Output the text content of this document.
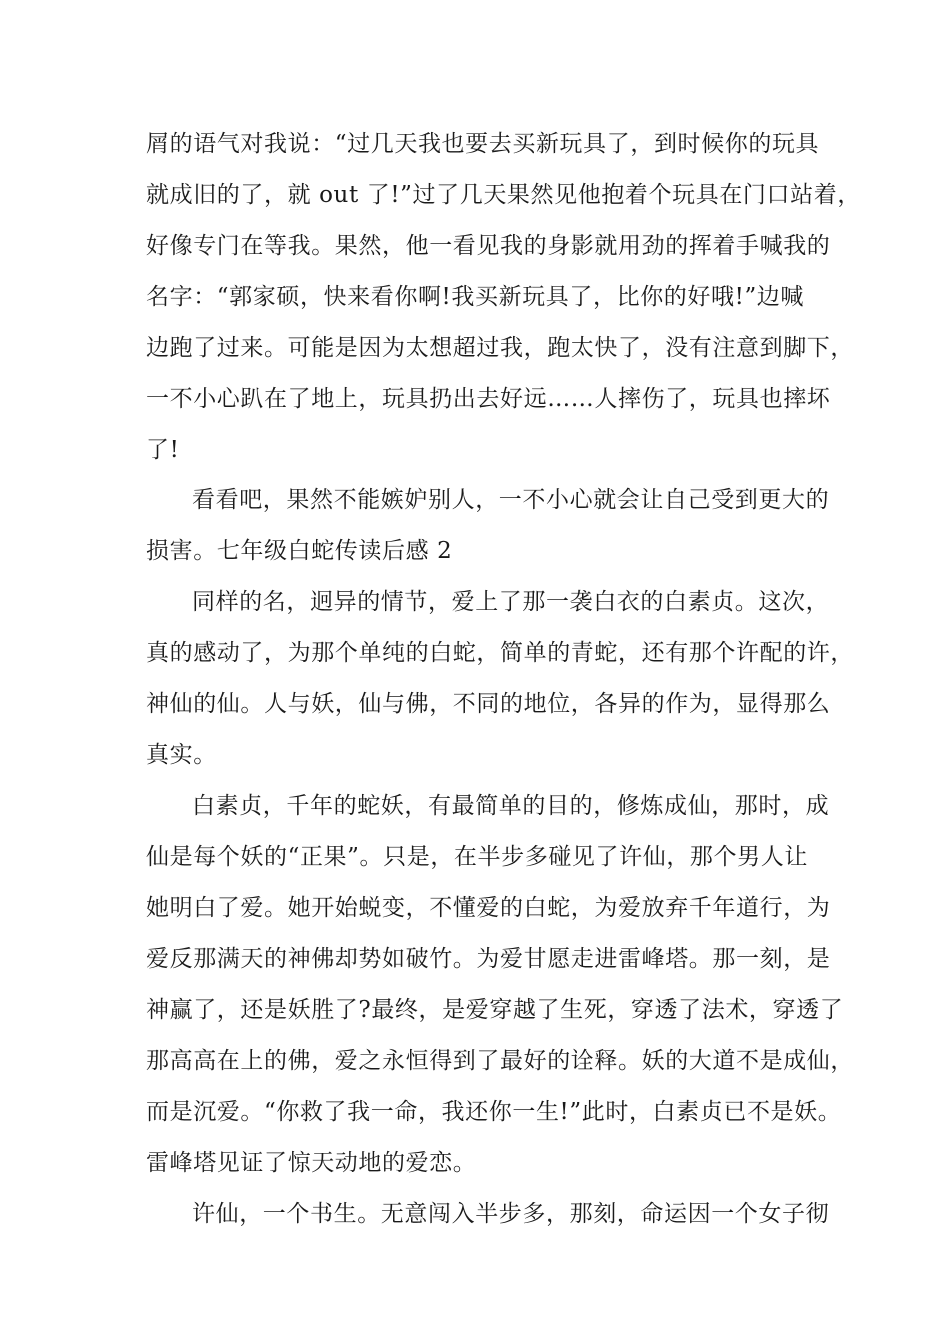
屑的语气对我说：“过几天我也要去买新玩具了，到时候你的玩具
就成旧的了，就 out 了!”过了几天果然见他抱着个玩具在门口站着，
好像专门在等我。果然，他一看见我的身影就用劲的挥着手喊我的
名字：“郭家硕，快来看你啊!我买新玩具了，比你的好哦!”边喊
边跑了过来。可能是因为太想超过我，跑太快了，没有注意到脚下，
一不小心趴在了地上，玩具扔出去好远……人摔伤了，玩具也摔坏
了!
看看吧，果然不能嫉妒别人，一不小心就会让自己受到更大的
损害。七年级白蛇传读后感 2
同样的名，迥异的情节，爱上了那一袭白衣的白素贞。这次，
真的感动了，为那个单纯的白蛇，简单的青蛇，还有那个许配的许，
神仙的仙。人与妖，仙与佛，不同的地位，各异的作为，显得那么
真实。
白素贞，千年的蛇妖，有最简单的目的，修炼成仙，那时，成
仙是每个妖的“正果”。只是，在半步多碰见了许仙，那个男人让
她明白了爱。她开始蜕变，不懂爱的白蛇，为爱放弃千年道行，为
爱反那满天的神佛却势如破竹。为爱甘愿走进雷峰塔。那一刻，是
神赢了，还是妖胜了?最终，是爱穿越了生死，穿透了法术，穿透了
那高高在上的佛，爱之永恒得到了最好的诠释。妖的大道不是成仙，
而是沉爱。“你救了我一命，我还你一生!”此时，白素贞已不是妖。
雷峰塔见证了惊天动地的爱恋。
许仙，一个书生。无意闯入半步多，那刻，命运因一个女子彻
